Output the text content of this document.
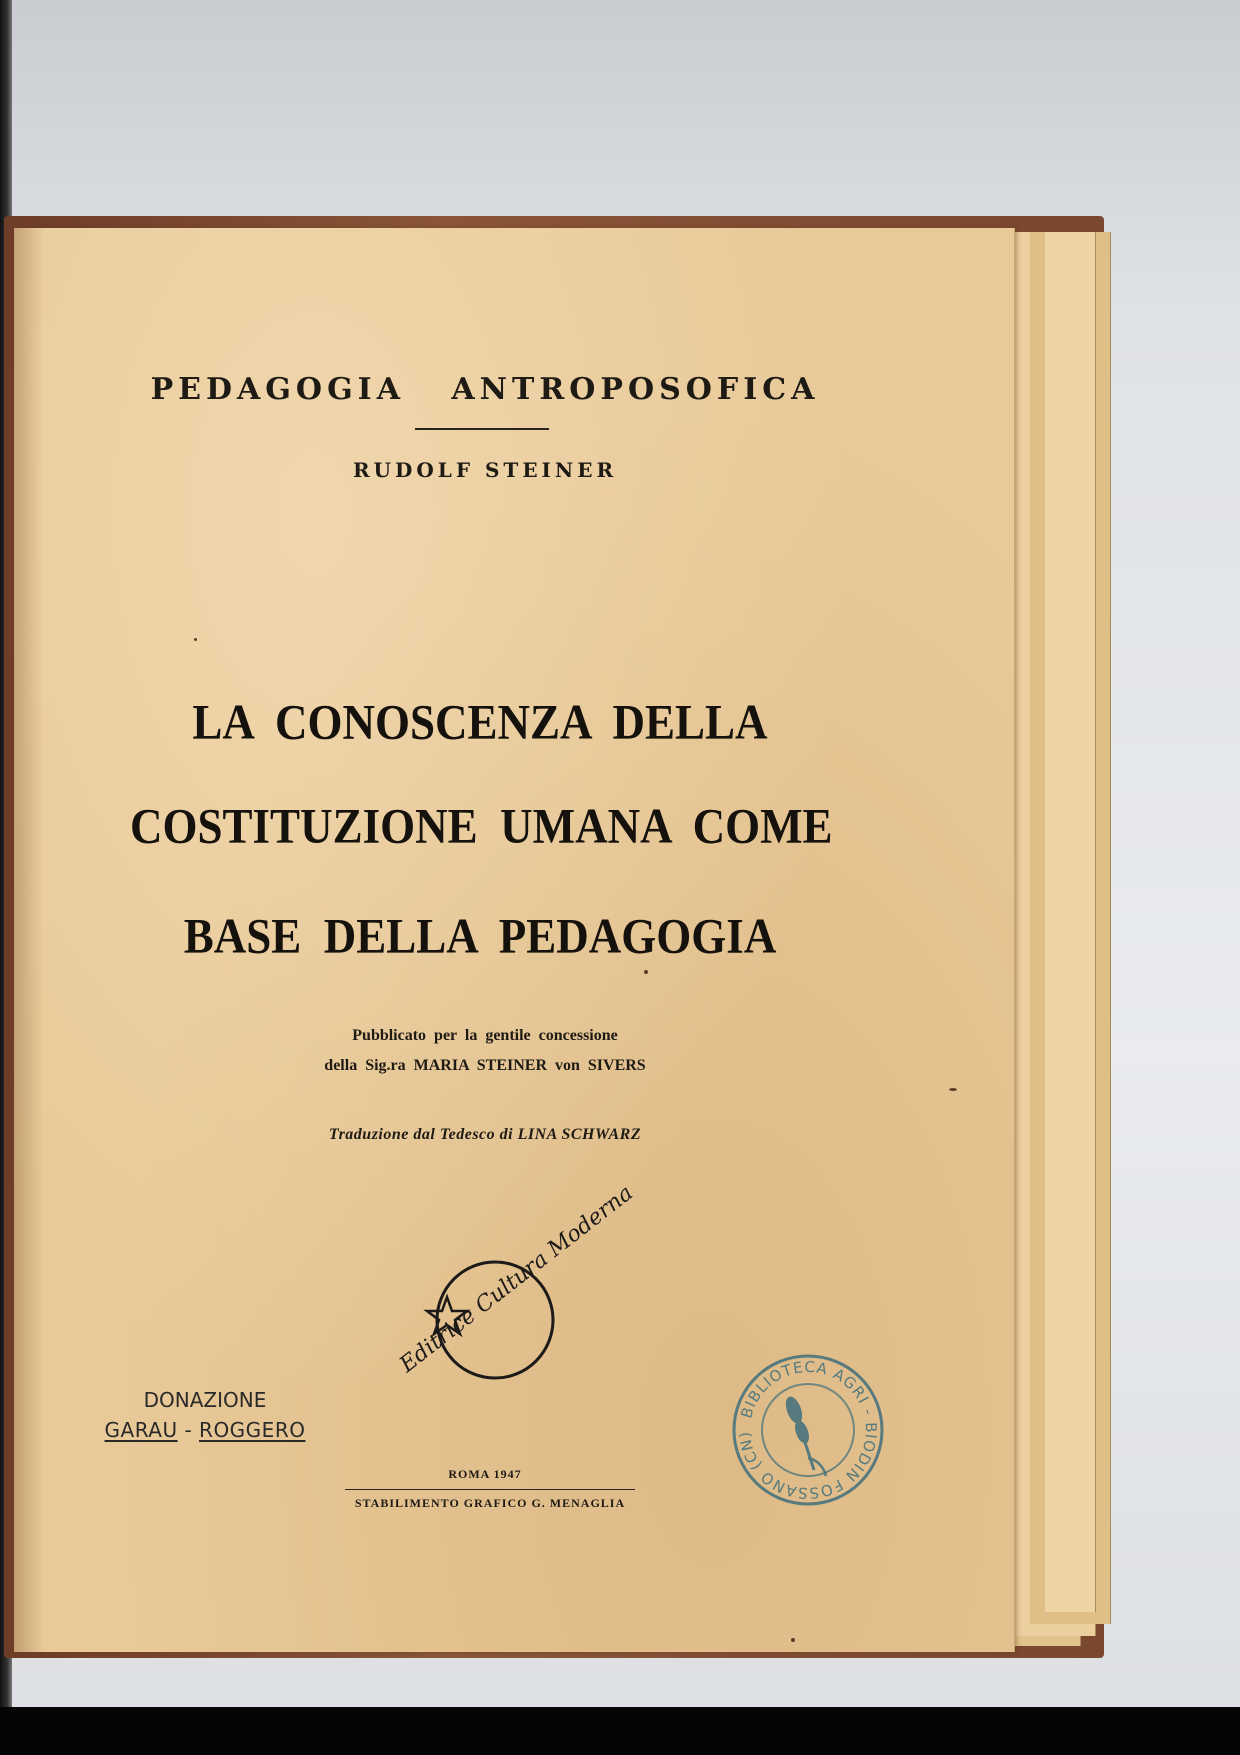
PEDAGOGIA   ANTROPOSOFICA
RUDOLF STEINER
LA  CONOSCENZA  DELLA
COSTITUZIONE  UMANA  COME
BASE  DELLA  PEDAGOGIA
Pubblicato per la gentile concessione
della Sig.ra MARIA STEINER von SIVERS
Traduzione dal Tedesco di LINA SCHWARZ
Editrice Cultura Moderna
DONAZIONE
GARAU - ROGGERO
BIBLIOTECA AGRI - BIODIN FOSSANO (CN)
ROMA 1947
STABILIMENTO GRAFICO G. MENAGLIA
